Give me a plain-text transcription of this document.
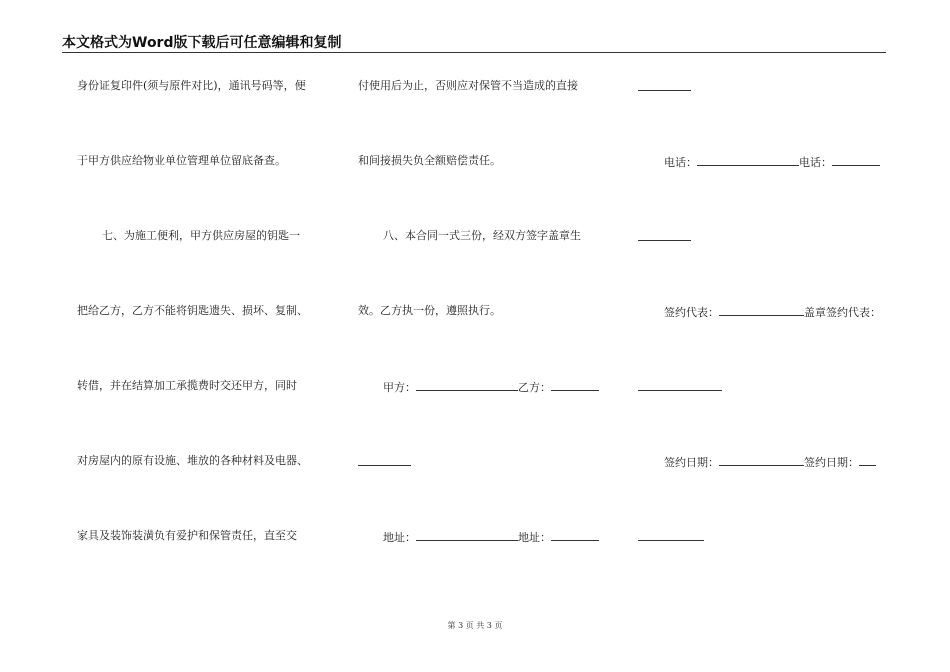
本文格式为Word版下载后可任意编辑和复制
身份证复印件(须与原件对比)，通讯号码等，便
于甲方供应给物业单位管理单位留底备查。
七、为施工便利，甲方供应房屋的钥匙一
把给乙方，乙方不能将钥匙遗失、损坏、复制、
转借，并在结算加工承揽费时交还甲方，同时
对房屋内的原有设施、堆放的各种材料及电器、
家具及装饰装潢负有爱护和保管责任，直至交
付使用后为止，否则应对保管不当造成的直接
和间接损失负全额赔偿责任。
八、本合同一式三份，经双方签字盖章生
效。乙方执一份，遵照执行。
甲方：	乙方：
地址：	地址：
电话：	电话：
签约代表：	盖章签约代表：
签约日期：	签约日期：
第 3 页 共 3 页
